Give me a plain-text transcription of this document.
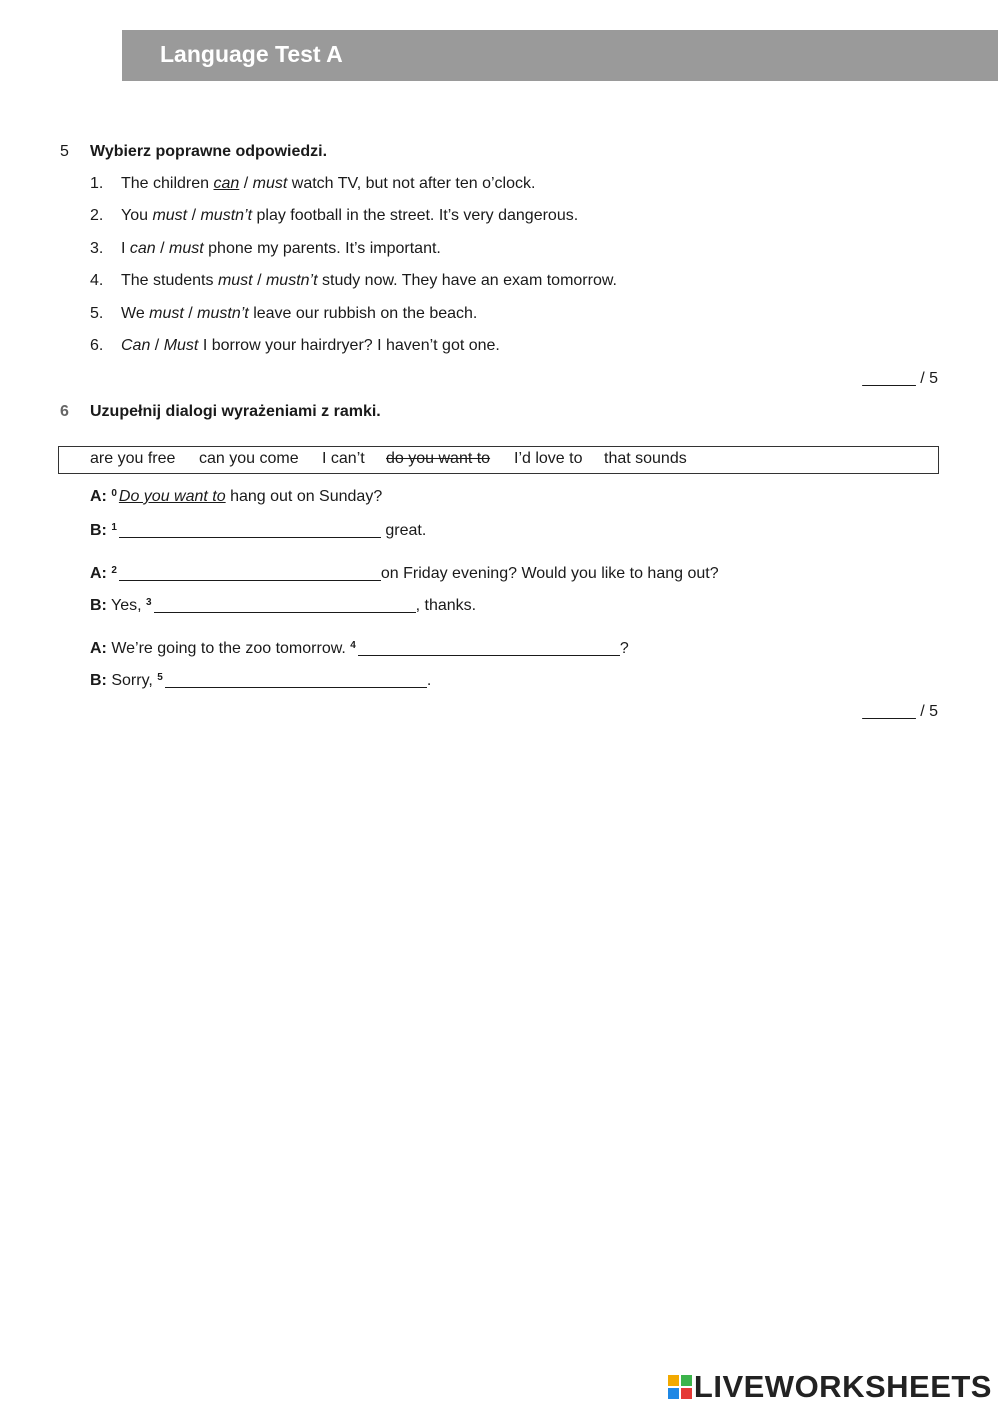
Language Test A
5 Wybierz poprawne odpowiedzi.
1. The children can / must watch TV, but not after ten o’clock.
2. You must / mustn’t play football in the street. It’s very dangerous.
3. I can / must phone my parents. It’s important.
4. The students must / mustn’t study now. They have an exam tomorrow.
5. We must / mustn’t leave our rubbish on the beach.
6. Can / Must I borrow your hairdryer? I haven’t got one.
______ / 5
6 Uzupełnij dialogi wyrażeniami z ramki.
are you free can you come I can’t do you want to I’d love to that sounds
A: $^0$ Do you want to hang out on Sunday?
B: $^1$	great.
A: $^2$	on Friday evening? Would you like to hang out?
B: Yes, $^3$	, thanks.
A: We’re going to the zoo tomorrow. $^4$	?
B: Sorry, $^5$	.
______ / 5
LIVEWORKSHEETS
